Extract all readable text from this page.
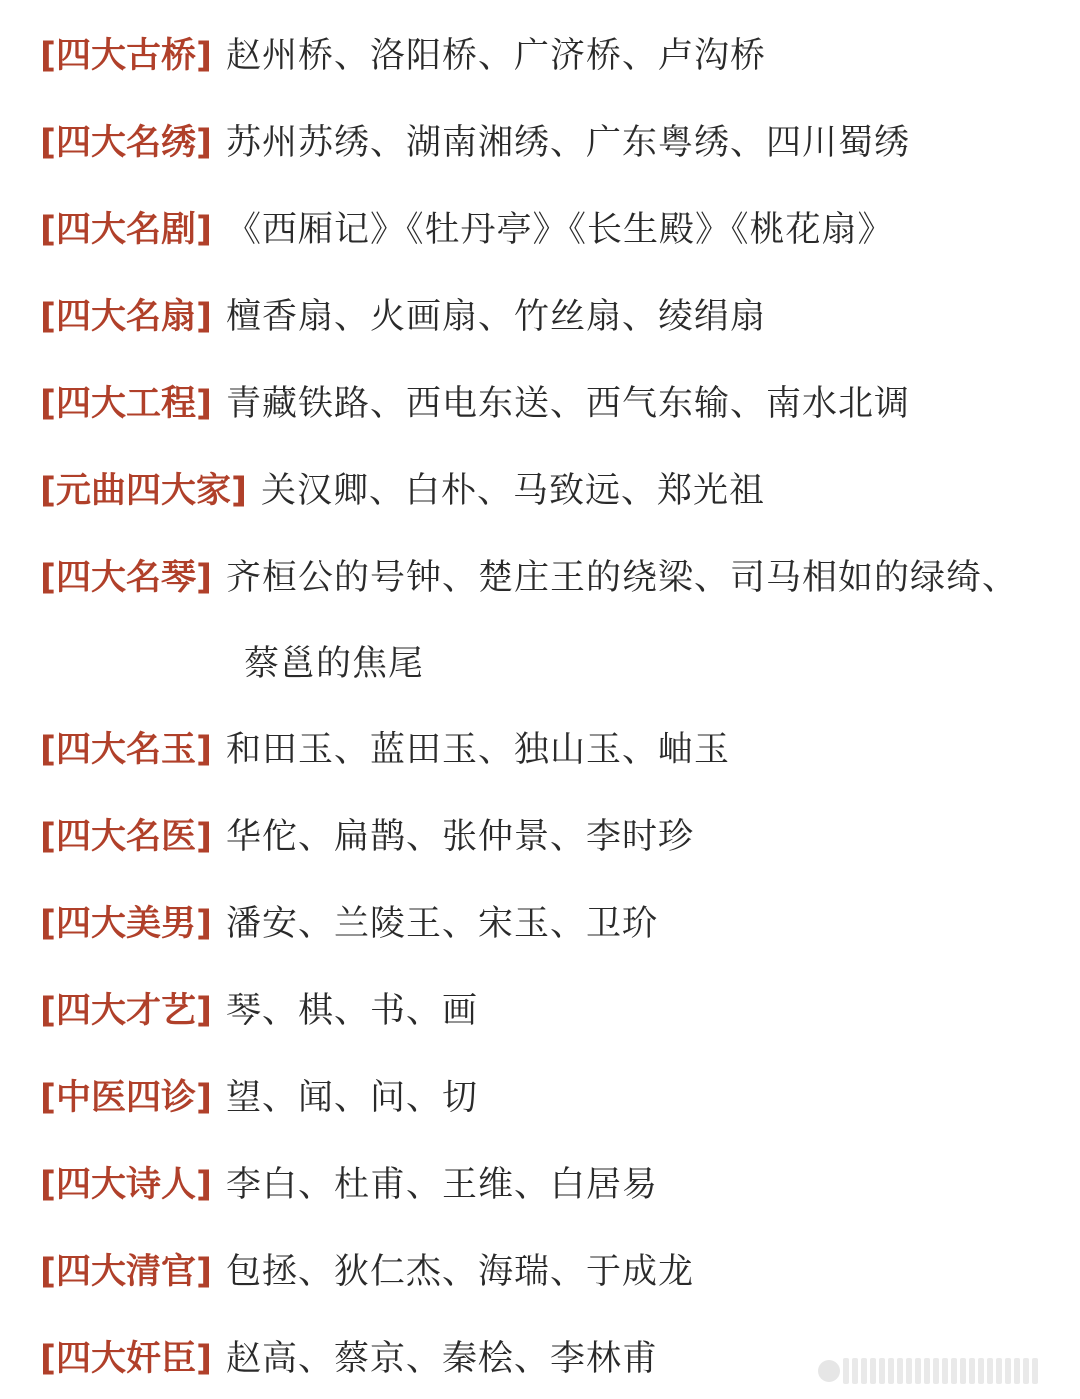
[四大古桥] 赵州桥、洛阳桥、广济桥、卢沟桥
[四大名绣] 苏州苏绣、湖南湘绣、广东粤绣、四川蜀绣
[四大名剧] 《西厢记》《牡丹亭》《长生殿》《桃花扇》
[四大名扇] 檀香扇、火画扇、竹丝扇、绫绢扇
[四大工程] 青藏铁路、西电东送、西气东输、南水北调
[元曲四大家] 关汉卿、白朴、马致远、郑光祖
[四大名琴] 齐桓公的号钟、楚庄王的绕梁、司马相如的绿绮、
蔡邕的焦尾
[四大名玉] 和田玉、蓝田玉、独山玉、岫玉
[四大名医] 华佗、扁鹊、张仲景、李时珍
[四大美男] 潘安、兰陵王、宋玉、卫玠
[四大才艺] 琴、棋、书、画
[中医四诊] 望、闻、问、切
[四大诗人] 李白、杜甫、王维、白居易
[四大清官] 包拯、狄仁杰、海瑞、于成龙
[四大奸臣] 赵高、蔡京、秦桧、李林甫
